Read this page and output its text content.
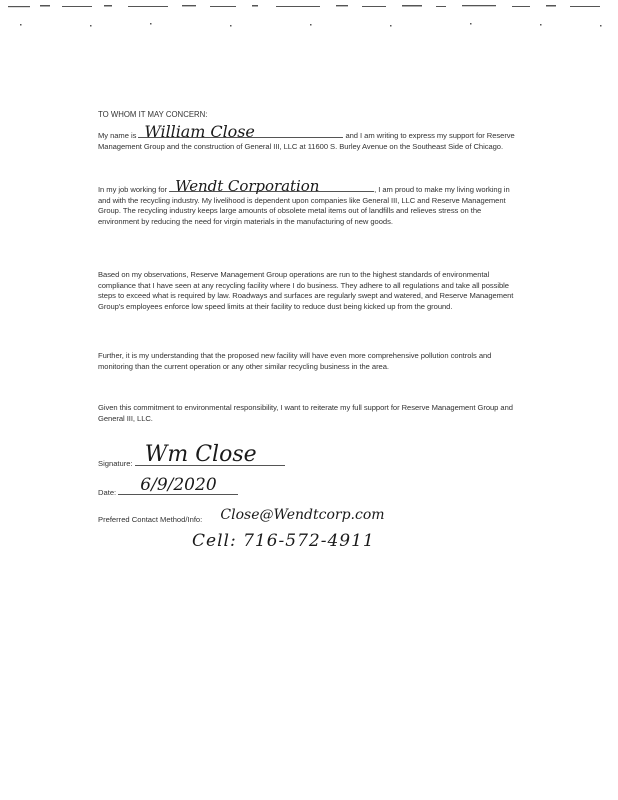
TO WHOM IT MAY CONCERN:
My name is William Close	and I am writing to express my support for Reserve Management Group and the construction of General III, LLC at 11600 S. Burley Avenue on the Southeast Side of Chicago.
In my job working for Wendt Corporation	, I am proud to make my living working in and with the recycling industry. My livelihood is dependent upon companies like General III, LLC and Reserve Management Group. The recycling industry keeps large amounts of obsolete metal items out of landfills and relieves stress on the environment by reducing the need for virgin materials in the manufacturing of new goods.
Based on my observations, Reserve Management Group operations are run to the highest standards of environmental compliance that I have seen at any recycling facility where I do business. They adhere to all regulations and take all possible steps to exceed what is required by law. Roadways and surfaces are regularly swept and watered, and Reserve Management Group's employees enforce low speed limits at their facility to reduce dust being kicked up from the ground.
Further, it is my understanding that the proposed new facility will have even more comprehensive pollution controls and monitoring than the current operation or any other similar recycling business in the area.
Given this commitment to environmental responsibility, I want to reiterate my full support for Reserve Management Group and General III, LLC.
Signature: Wm Close
Date: 6/9/2020
Preferred Contact Method/Info: Close@Wendtcorp.com
Cell: 716-572-4911
